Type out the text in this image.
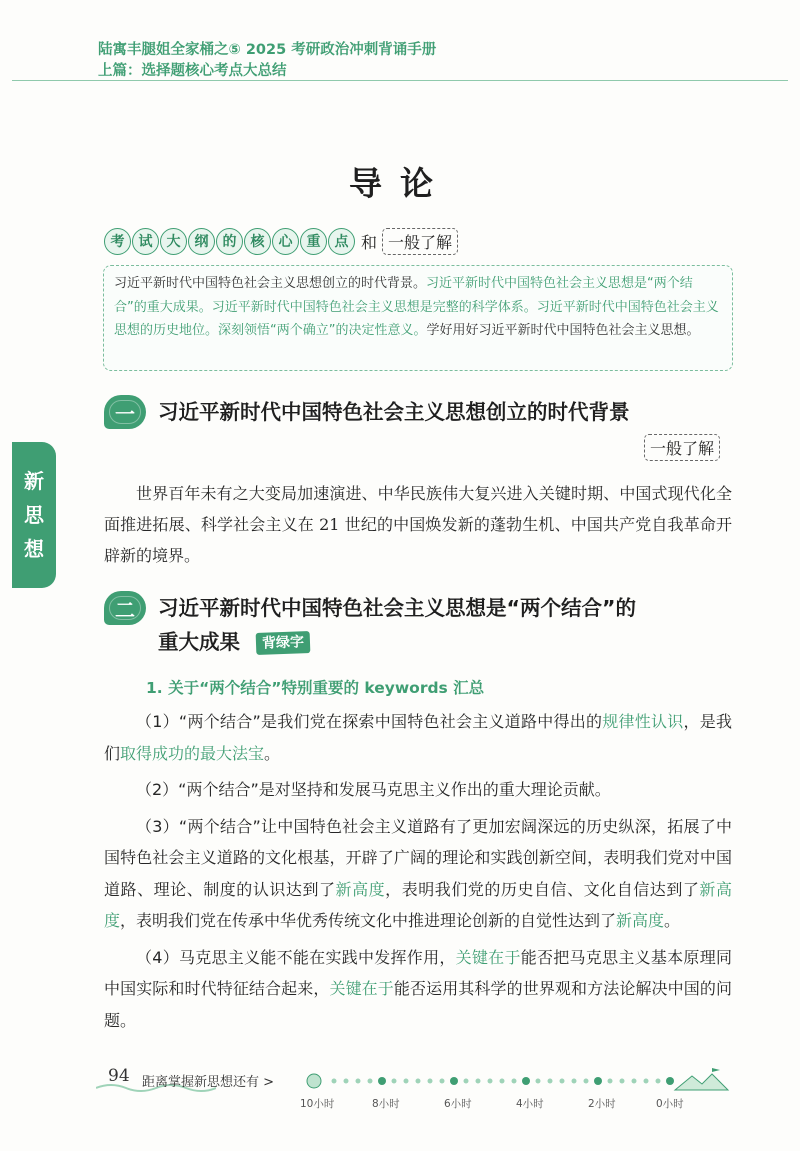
陆寓丰腿姐全家桶之⑤ 2025 考研政治冲刺背诵手册
上篇：选择题核心考点大总结
导论
考	试	大	纲	的	核	心	重	点 和 一般了解
习近平新时代中国特色社会主义思想创立的时代背景。习近平新时代中国特色社会主义思想是“两个结合”的重大成果。习近平新时代中国特色社会主义思想是完整的科学体系。习近平新时代中国特色社会主义思想的历史地位。深刻领悟“两个确立”的决定性意义。学好用好习近平新时代中国特色社会主义思想。
新
思
想
一	习近平新时代中国特色社会主义思想创立的时代背景
一般了解
世界百年未有之大变局加速演进、中华民族伟大复兴进入关键时期、中国式现代化全面推进拓展、科学社会主义在 21 世纪的中国焕发新的蓬勃生机、中国共产党自我革命开辟新的境界。
二	习近平新时代中国特色社会主义思想是“两个结合”的
重大成果 背绿字
1. 关于“两个结合”特别重要的 keywords 汇总

（1）“两个结合”是我们党在探索中国特色社会主义道路中得出的规律性认识，是我们取得成功的最大法宝。

（2）“两个结合”是对坚持和发展马克思主义作出的重大理论贡献。

（3）“两个结合”让中国特色社会主义道路有了更加宏阔深远的历史纵深，拓展了中国特色社会主义道路的文化根基，开辟了广阔的理论和实践创新空间，表明我们党对中国道路、理论、制度的认识达到了新高度，表明我们党的历史自信、文化自信达到了新高度，表明我们党在传承中华优秀传统文化中推进理论创新的自觉性达到了新高度。

（4）马克思主义能不能在实践中发挥作用，关键在于能否把马克思主义基本原理同中国实际和时代特征结合起来，关键在于能否运用其科学的世界观和方法论解决中国的问题。

94 距离掌握新思想还有 >
10小时	8小时	6小时	4小时	2小时	0小时
